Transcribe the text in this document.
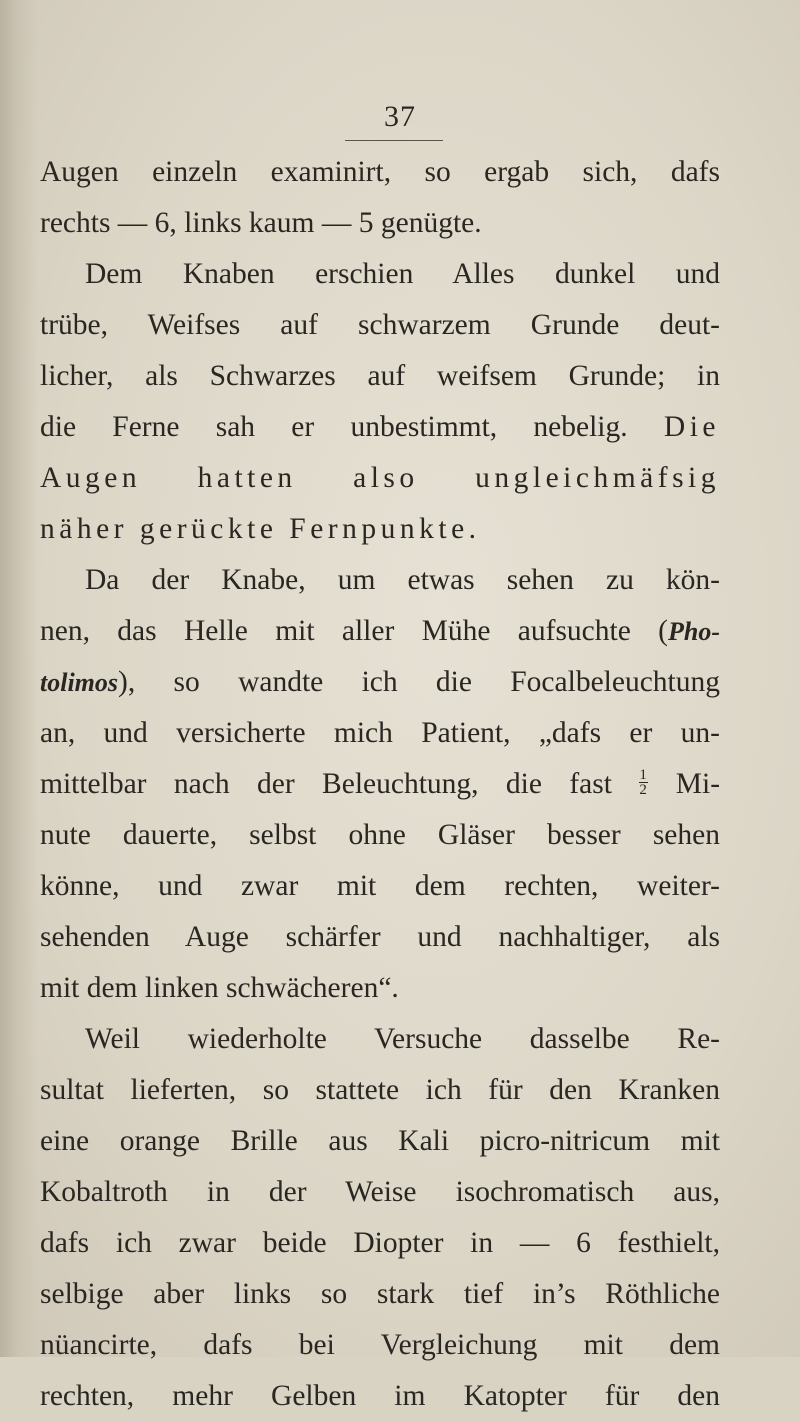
37
Augen einzeln examinirt, so ergab sich, dafs
rechts — 6, links kaum — 5 genügte.
Dem Knaben erschien Alles dunkel und
trübe, Weifses auf schwarzem Grunde deut-
licher, als Schwarzes auf weifsem Grunde; in
die Ferne sah er unbestimmt, nebelig. Die
Augen hatten also ungleichmäfsig
näher gerückte Fernpunkte.
Da der Knabe, um etwas sehen zu kön-
nen, das Helle mit aller Mühe aufsuchte (Pho-
tolimos), so wandte ich die Focalbeleuchtung
an, und versicherte mich Patient, „dafs er un-
mittelbar nach der Beleuchtung, die fast $\frac{1}{2} Mi-$
nute dauerte, selbst ohne Gläser besser sehen
könne, und zwar mit dem rechten, weiter-
sehenden Auge schärfer und nachhaltiger, als
mit dem linken schwächeren“.
Weil wiederholte Versuche dasselbe Re-
sultat lieferten, so stattete ich für den Kranken
eine orange Brille aus Kali picro-nitricum mit
Kobaltroth in der Weise isochromatisch aus,
dafs ich zwar beide Diopter in — 6 festhielt,
selbige aber links so stark tief in’s Röthliche
nüancirte, dafs bei Vergleichung mit dem
rechten, mehr Gelben im Katopter für den
